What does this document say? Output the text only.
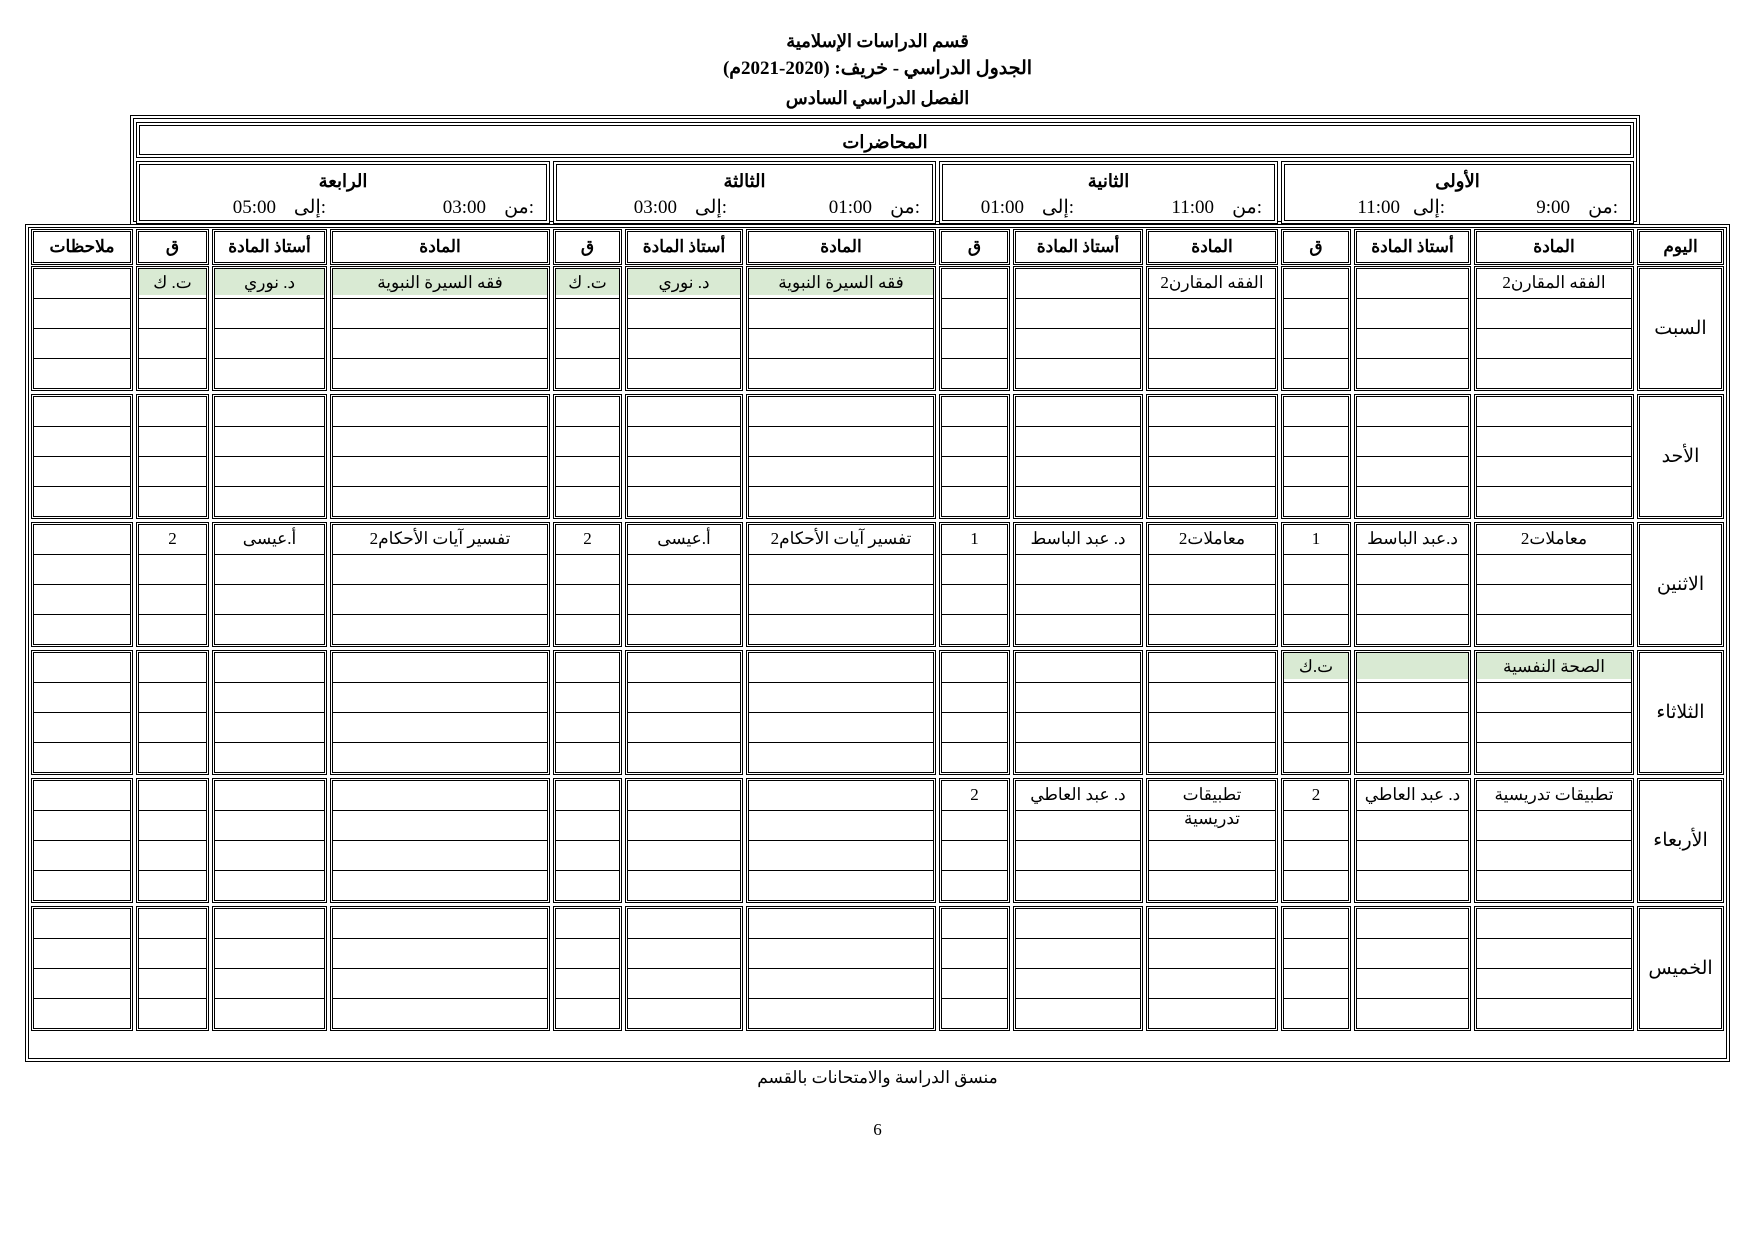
قسم الدراسات الإسلامية
الجدول الدراسي - خريف: (2020-2021م)
الفصل الدراسي السادس
المحاضرات
الأولى
من:
9:00
إلى:
11:00
الثانية
من:
11:00
إلى:
01:00
الثالثة
من:
01:00
إلى:
03:00
الرابعة
من:
03:00
إلى:
05:00
اليوم
المادة
أستاذ المادة
ق
المادة
أستاذ المادة
ق
المادة
أستاذ المادة
ق
المادة
أستاذ المادة
ق
ملاحظات
السبت
الأحد
الاثنين
الثلاثاء
الأربعاء
الخميس
الفقه المقارن2
الفقه المقارن2
فقه السيرة النبوية
د. نوري
ت. ك
فقه السيرة النبوية
د. نوري
ت. ك
معاملات2
د.عبد الباسط
1
معاملات2
د. عبد الباسط
1
تفسير آيات الأحكام2
أ.عيسى
2
تفسير آيات الأحكام2
أ.عيسى
2
الصحة النفسية
ت.ك
تطبيقات تدريسية
د. عبد العاطي
2
تطبيقات
تدريسية
د. عبد العاطي
2
منسق الدراسة والامتحانات بالقسم
6
